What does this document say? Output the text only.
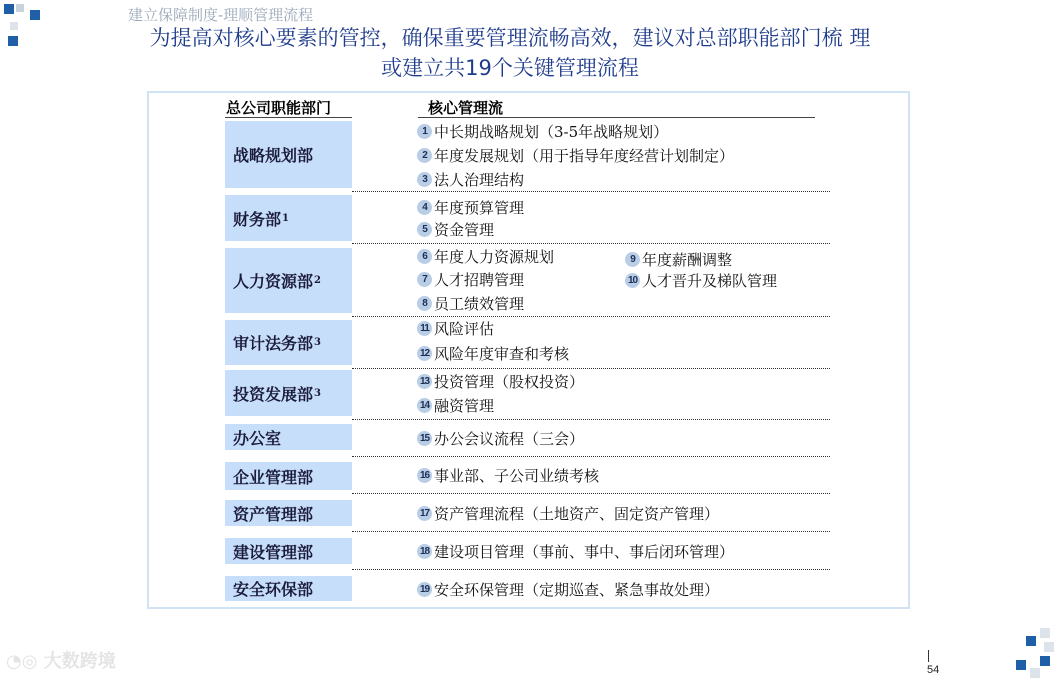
建立保障制度-理顺管理流程
为提高对核心要素的管控，确保重要管理流畅高效，建议对总部职能部门梳 理
或建立共19个关键管理流程
总公司职能部门	核心管理流
战略规划部
财务部 1
人力资源部 2
审计法务部 3
投资发展部 3
办公室
企业管理部
资产管理部
建设管理部
安全环保部
1 中长期战略规划（3-5年战略规划）
2 年度发展规划（用于指导年度经营计划制定）
3 法人治理结构
4 年度预算管理
5 资金管理
6 年度人力资源规划
7 人才招聘管理
8 员工绩效管理
9 年度薪酬调整
10 人才晋升及梯队管理
11 风险评估
12 风险年度审查和考核
13 投资管理（股权投资）
14 融资管理
15 办公会议流程（三会）
16 事业部、子公司业绩考核
17 资产管理流程（土地资产、固定资产管理）
18 建设项目管理（事前、事中、事后闭环管理）
19 安全环保管理（定期巡查、紧急事故处理）
◔◎ 大数跨境	54
